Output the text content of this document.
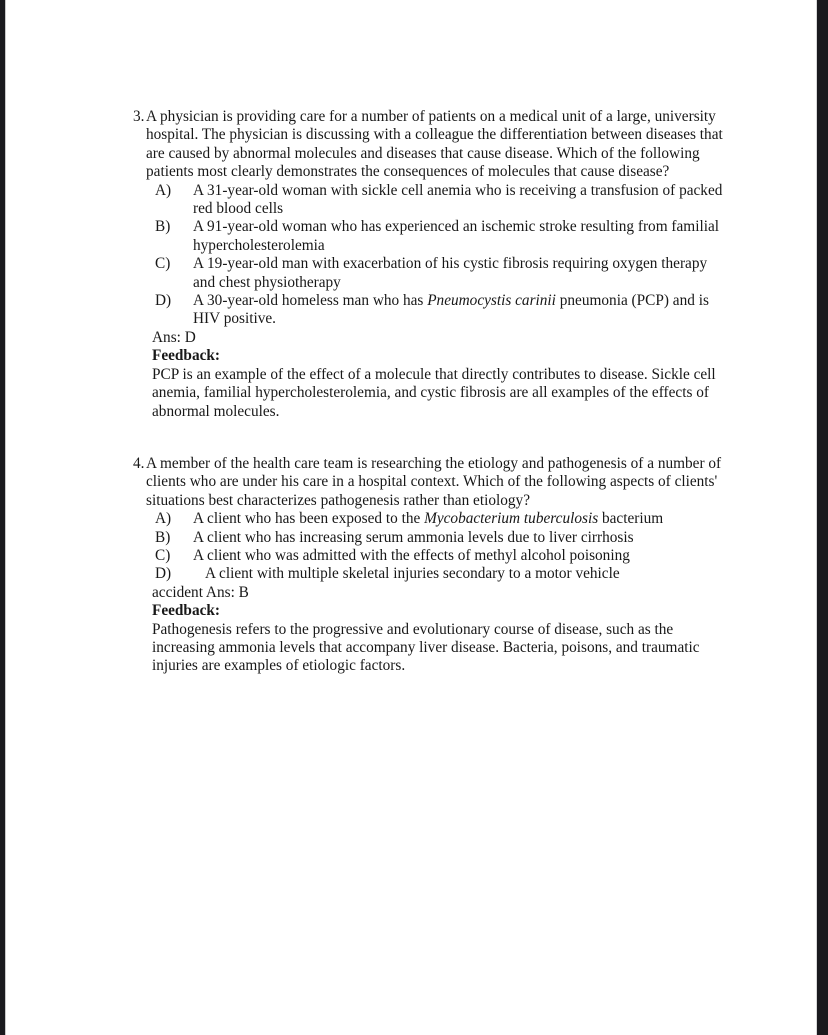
3. A physician is providing care for a number of patients on a medical unit of a large, university hospital. The physician is discussing with a colleague the differentiation between diseases that are caused by abnormal molecules and diseases that cause disease. Which of the following patients most clearly demonstrates the consequences of molecules that cause disease?

A)	A 31-year-old woman with sickle cell anemia who is receiving a transfusion of packed red blood cells
B)	A 91-year-old woman who has experienced an ischemic stroke resulting from familial hypercholesterolemia
C)	A 19-year-old man with exacerbation of his cystic fibrosis requiring oxygen therapy and chest physiotherapy
D)	A 30-year-old homeless man who has Pneumocystis carinii pneumonia (PCP) and is HIV positive.

Ans: D

Feedback:

PCP is an example of the effect of a molecule that directly contributes to disease. Sickle cell anemia, familial hypercholesterolemia, and cystic fibrosis are all examples of the effects of abnormal molecules.

4. A member of the health care team is researching the etiology and pathogenesis of a number of clients who are under his care in a hospital context. Which of the following aspects of clients' situations best characterizes pathogenesis rather than etiology?

A)	A client who has been exposed to the Mycobacterium tuberculosis bacterium
B)	A client who has increasing serum ammonia levels due to liver cirrhosis
C)	A client who was admitted with the effects of methyl alcohol poisoning
D)	A client with multiple skeletal injuries secondary to a motor vehicle

accident Ans: B

Feedback:

Pathogenesis refers to the progressive and evolutionary course of disease, such as the increasing ammonia levels that accompany liver disease. Bacteria, poisons, and traumatic injuries are examples of etiologic factors.
